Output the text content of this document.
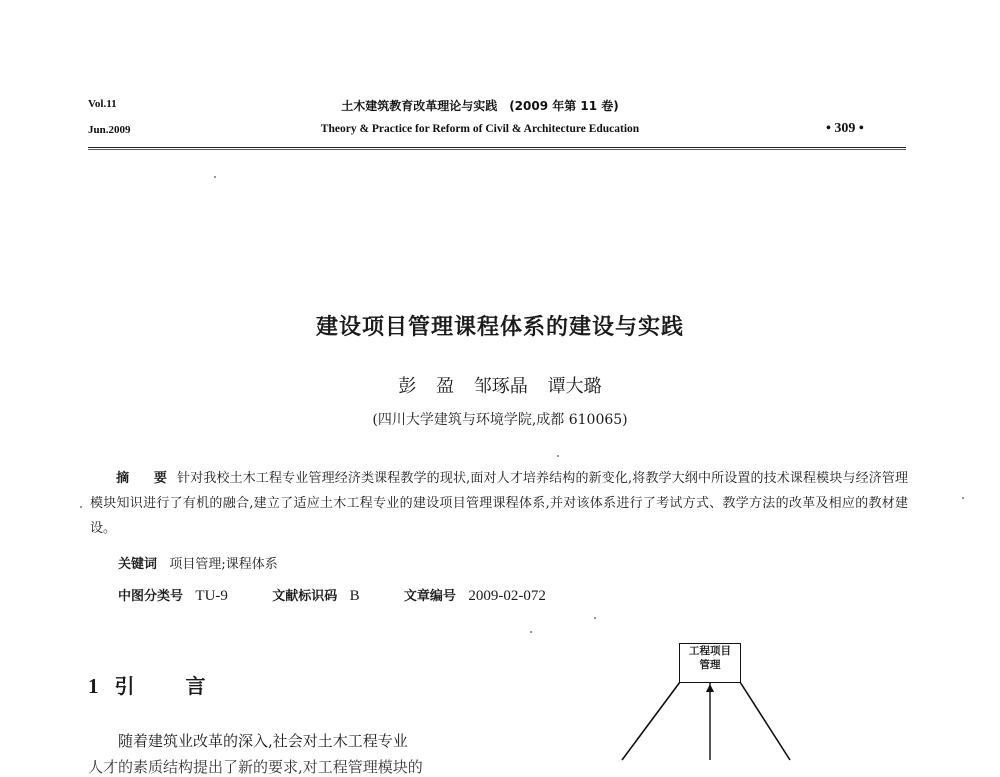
Vol.11
Jun.2009
土木建筑教育改革理论与实践　(2009 年第 11 卷)
Theory & Practice for Reform of Civil & Architecture Education	• 309 •
建设项目管理课程体系的建设与实践
彭 盈 邹琢晶 谭大璐
(四川大学建筑与环境学院,成都 610065)
摘 要针对我校土木工程专业管理经济类课程教学的现状,面对人才培养结构的新变化,将教学大纲中所设置的技术课程模块与经济管理模块知识进行了有机的融合,建立了适应土木工程专业的建设项目管理课程体系,并对该体系进行了考试方式、教学方法的改革及相应的教材建设。
关键词 项目管理;课程体系
中图分类号 TU-9	文献标识码 B	文章编号 2009-02-072
1 引 言
随着建筑业改革的深入,社会对土木工程专业
人才的素质结构提出了新的要求,对工程管理模块的
工程项目
管理
